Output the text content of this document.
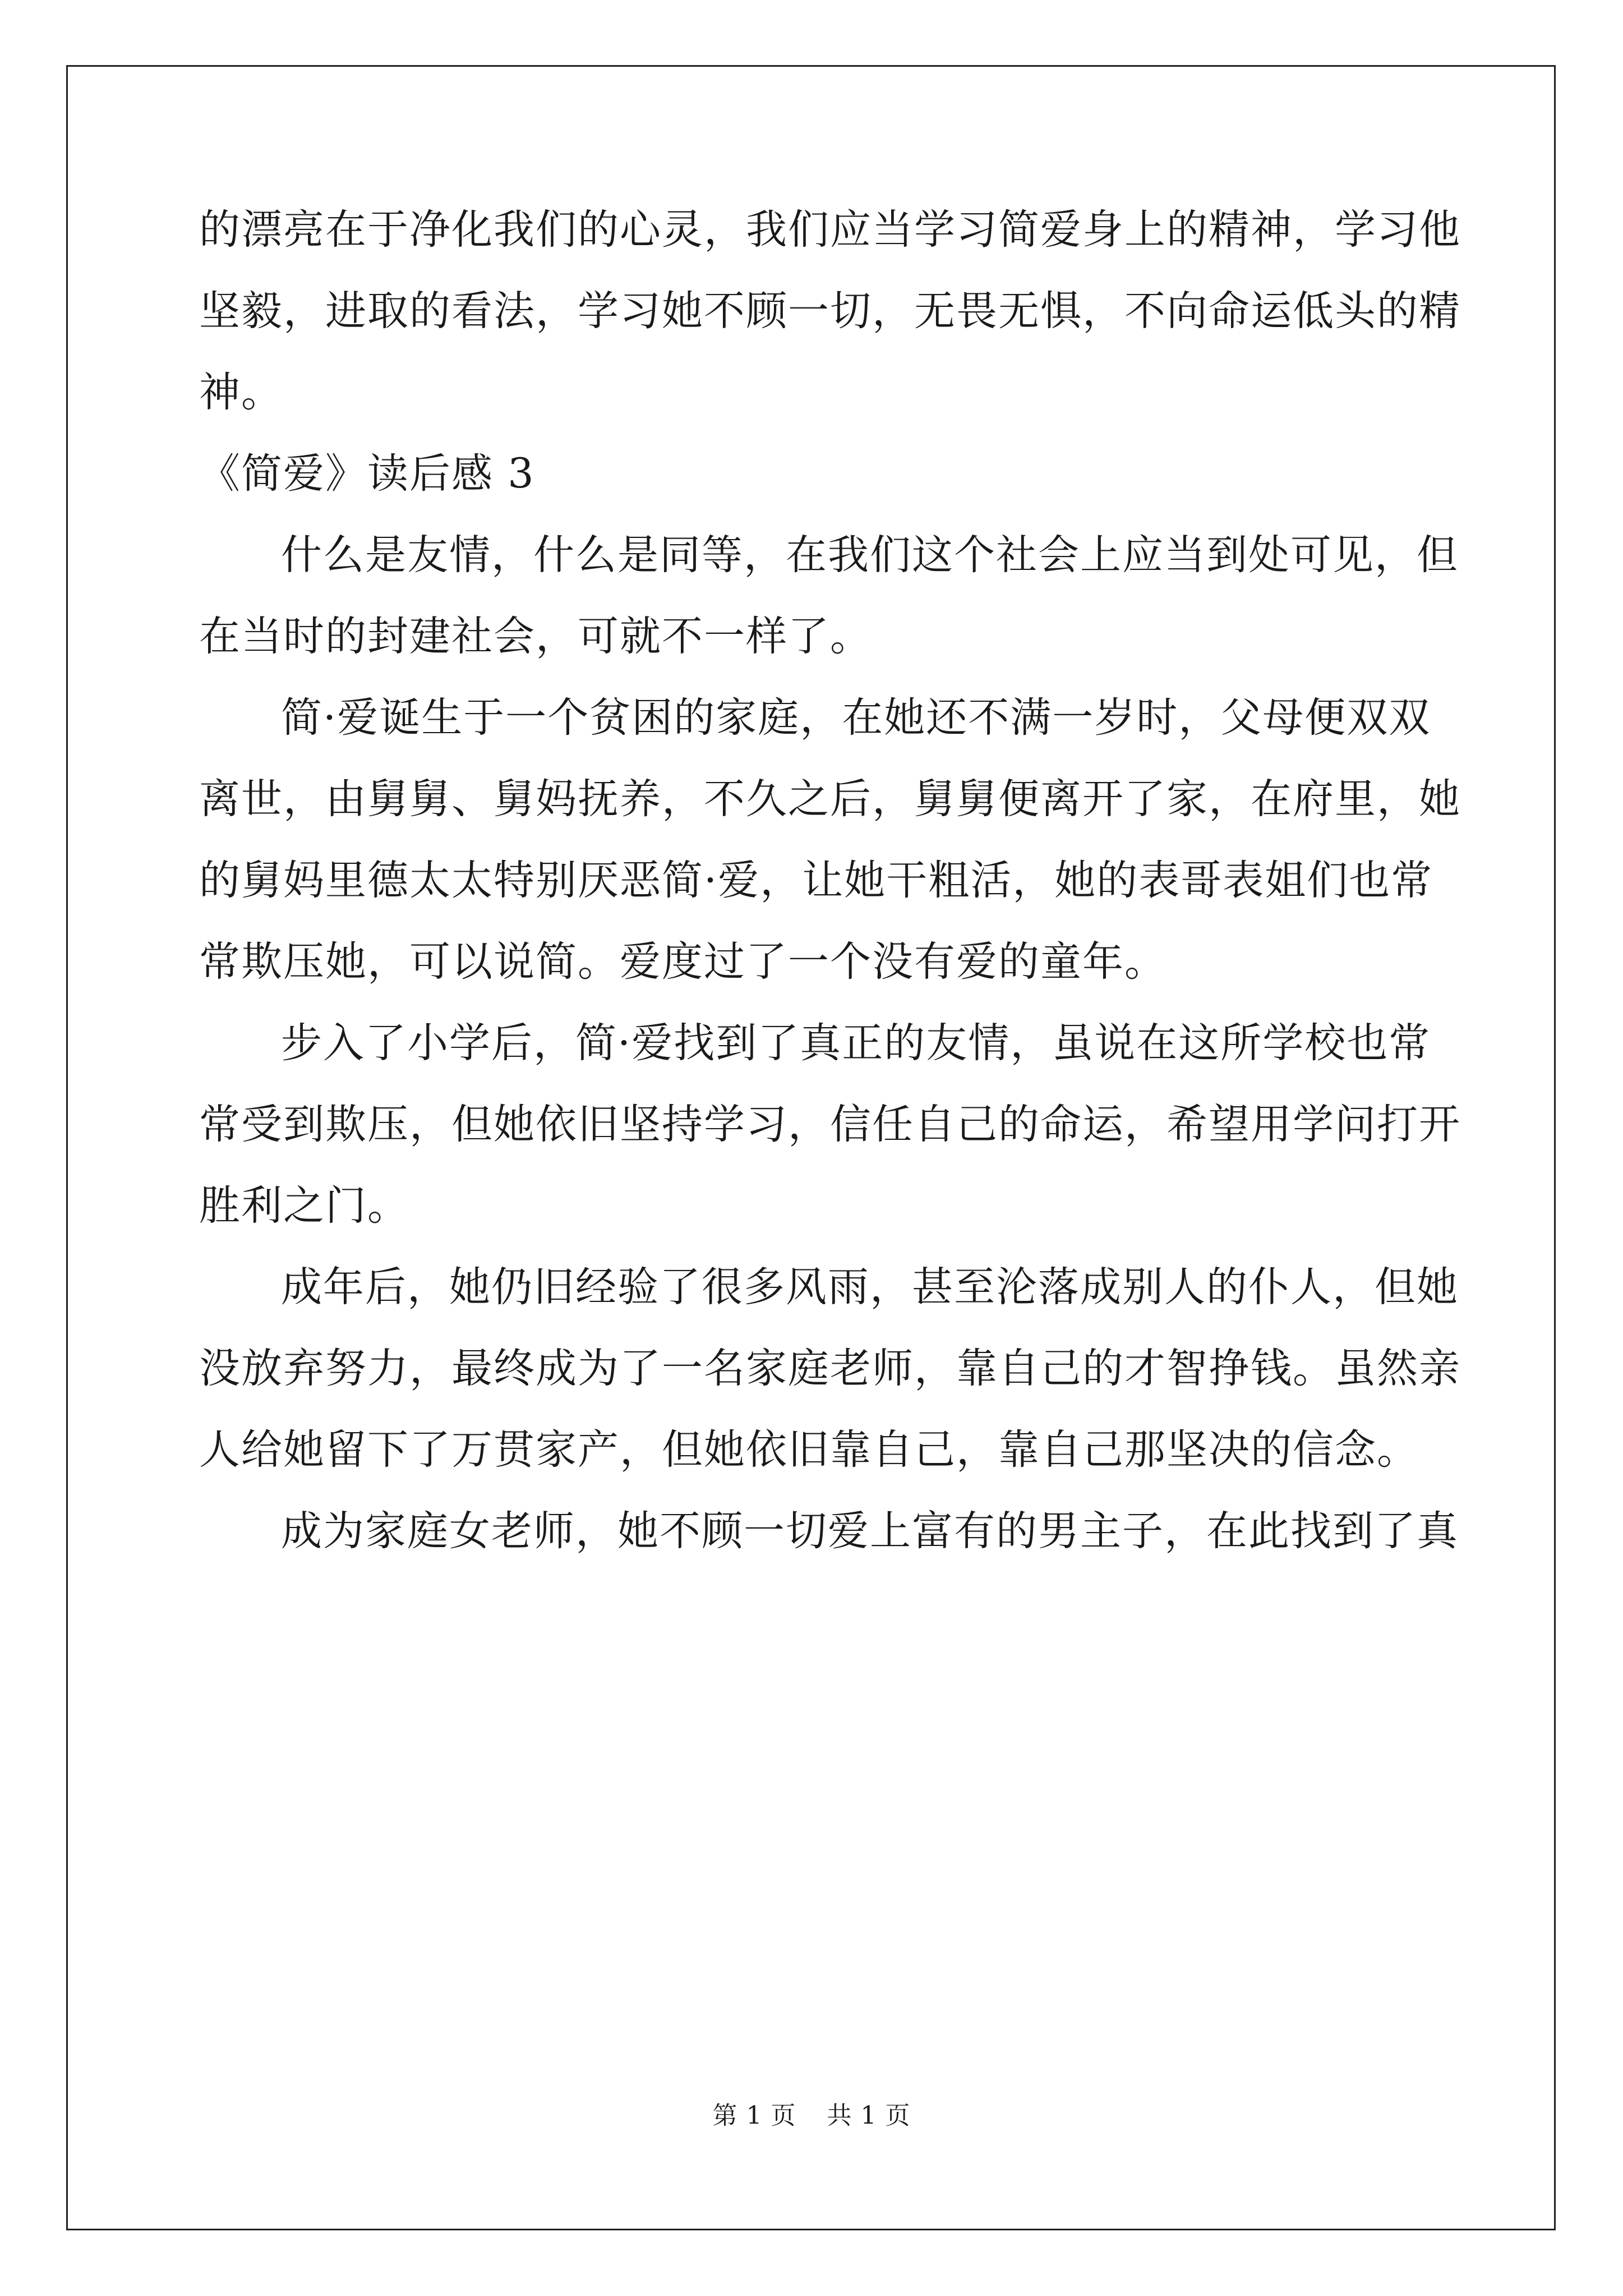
的漂亮在于净化我们的心灵，我们应当学习简爱身上的精神，学习他
坚毅，进取的看法，学习她不顾一切，无畏无惧，不向命运低头的精
神。
《简爱》读后感 3
什么是友情，什么是同等，在我们这个社会上应当到处可见，但
在当时的封建社会，可就不一样了。
简·爱诞生于一个贫困的家庭，在她还不满一岁时，父母便双双
离世，由舅舅、舅妈抚养，不久之后，舅舅便离开了家，在府里，她
的舅妈里德太太特别厌恶简·爱，让她干粗活，她的表哥表姐们也常
常欺压她，可以说简。爱度过了一个没有爱的童年。
步入了小学后，简·爱找到了真正的友情，虽说在这所学校也常
常受到欺压，但她依旧坚持学习，信任自己的命运，希望用学问打开
胜利之门。
成年后，她仍旧经验了很多风雨，甚至沦落成别人的仆人，但她
没放弃努力，最终成为了一名家庭老师，靠自己的才智挣钱。虽然亲
人给她留下了万贯家产，但她依旧靠自己，靠自己那坚决的信念。
成为家庭女老师，她不顾一切爱上富有的男主子，在此找到了真
第 1 页 共 1 页
